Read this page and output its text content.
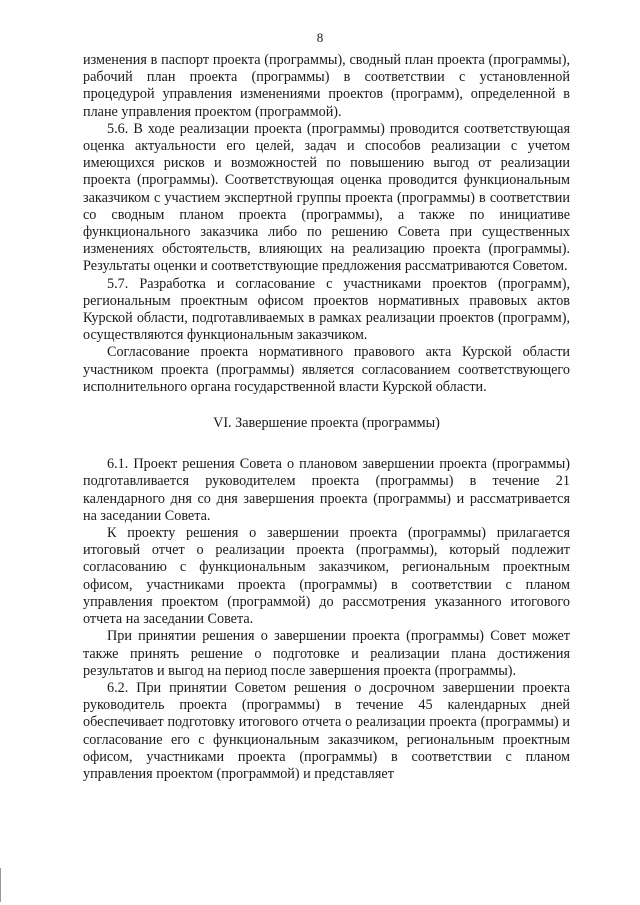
8

изменения в паспорт проекта (программы), сводный план проекта (программы), рабочий план проекта (программы) в соответствии с установленной процедурой управления изменениями проектов (программ), определенной в плане управления проектом (программой).

5.6. В ходе реализации проекта (программы) проводится соответствующая оценка актуальности его целей, задач и способов реализации с учетом имеющихся рисков и возможностей по повышению выгод от реализации проекта (программы). Соответствующая оценка проводится функциональным заказчиком с участием экспертной группы проекта (программы) в соответствии со сводным планом проекта (программы), а также по инициативе функционального заказчика либо по решению Совета при существенных изменениях обстоятельств, влияющих на реализацию проекта (программы). Результаты оценки и соответствующие предложения рассматриваются Советом.

5.7. Разработка и согласование с участниками проектов (программ), региональным проектным офисом проектов нормативных правовых актов Курской области, подготавливаемых в рамках реализации проектов (программ), осуществляются функциональным заказчиком.

Согласование проекта нормативного правового акта Курской области участником проекта (программы) является согласованием соответствующего исполнительного органа государственной власти Курской области.

VI. Завершение проекта (программы)

6.1. Проект решения Совета о плановом завершении проекта (программы) подготавливается руководителем проекта (программы) в течение 21 календарного дня со дня завершения проекта (программы) и рассматривается на заседании Совета.

К проекту решения о завершении проекта (программы) прилагается итоговый отчет о реализации проекта (программы), который подлежит согласованию с функциональным заказчиком, региональным проектным офисом, участниками проекта (программы) в соответствии с планом управления проектом (программой) до рассмотрения указанного итогового отчета на заседании Совета.

При принятии решения о завершении проекта (программы) Совет может также принять решение о подготовке и реализации плана достижения результатов и выгод на период после завершения проекта (программы).

6.2. При принятии Советом решения о досрочном завершении проекта руководитель проекта (программы) в течение 45 календарных дней обеспечивает подготовку итогового отчета о реализации проекта (программы) и согласование его с функциональным заказчиком, региональным проектным офисом, участниками проекта (программы) в соответствии с планом управления проектом (программой) и представляет
